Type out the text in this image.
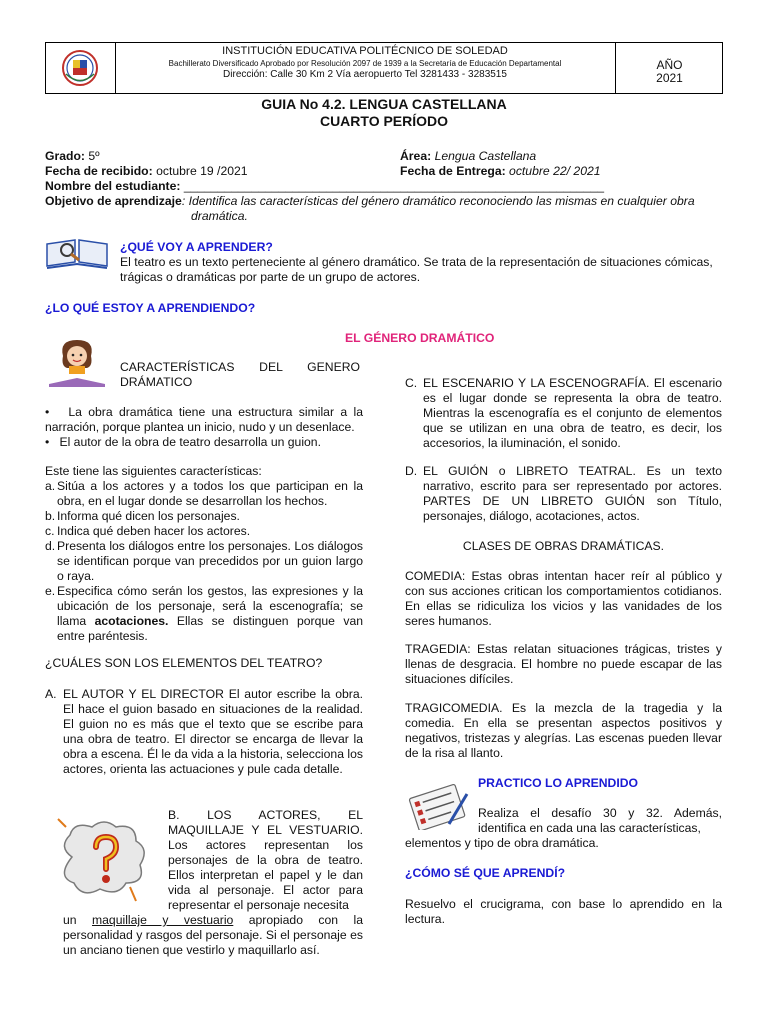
INSTITUCIÓN EDUCATIVA POLITÉCNICO DE SOLEDAD
Bachillerato Diversificado Aprobado por Resolución 2097 de 1939 a la Secretaría de Educación Departamental
Dirección: Calle 30 Km 2 Vía aeropuerto Tel 3281433 - 3283515
AÑO
2021
GUIA No 4.2. LENGUA CASTELLANA
CUARTO PERÍODO
Grado: 5º	Área: Lengua Castellana
Fecha de recibido: octubre 19 /2021	Fecha de Entrega: octubre 22/ 2021
Nombre del estudiante: ______________________________________________________________
Objetivo de aprendizaje: Identifica las características del género dramático reconociendo las mismas en cualquier obra
dramática.
¿QUÉ VOY A APRENDER?
El teatro es un texto perteneciente al género dramático. Se trata de la representación de situaciones cómicas,
trágicas o dramáticas por parte de un grupo de actores.
¿LO QUÉ ESTOY A APRENDIENDO?
EL GÉNERO DRAMÁTICO
CARACTERÍSTICAS DEL GENERO DRÁMATICO

•   La obra dramática tiene una estructura similar a la narración, porque plantea un inicio, nudo y un desenlace.

•   El autor de la obra de teatro desarrolla un guion.

Este tiene las siguientes características:
a. Sitúa a los actores y a todos los que participan en la obra, en el lugar donde se desarrollan los hechos.
b. Informa qué dicen los personajes.
c. Indica qué deben hacer los actores.
d. Presenta los diálogos entre los personajes. Los diálogos se identifican porque van precedidos por un guion largo o raya.
e. Especifica cómo serán los gestos, las expresiones y la ubicación de los personaje, será la escenografía; se llama acotaciones. Ellas se distinguen porque van entre paréntesis.
¿CUÁLES SON LOS ELEMENTOS DEL TEATRO?
A. EL AUTOR Y EL DIRECTOR El autor escribe la obra. El hace el guion basado en situaciones de la realidad. El guion no es más que el texto que se escribe para una obra de teatro. El director se encarga de llevar la obra a escena. Él le da vida a la historia, selecciona los actores, orienta las actuaciones y pule cada detalle.
B. LOS ACTORES, EL MAQUILLAJE Y EL VESTUARIO. Los actores representan los personajes de la obra de teatro. Ellos interpretan el papel y le dan vida al personaje. El actor para representar el personaje necesita
un maquillaje y vestuario apropiado con la personalidad y rasgos del personaje. Si el personaje es un anciano tienen que vestirlo y maquillarlo así.
C. EL ESCENARIO Y LA ESCENOGRAFÍA. El escenario es el lugar donde se representa la obra de teatro. Mientras la escenografía es el conjunto de elementos que se utilizan en una obra de teatro, es decir, los accesorios, la iluminación, el sonido.
D. EL GUIÓN o LIBRETO TEATRAL. Es un texto narrativo, escrito para ser representado por actores. PARTES DE UN LIBRETO GUIÓN son Título, personajes, diálogo, acotaciones, actos.
CLASES DE OBRAS DRAMÁTICAS.
COMEDIA: Estas obras intentan hacer reír al público y con sus acciones critican los comportamientos cotidianos. En ellas se ridiculiza los vicios y las vanidades de los seres humanos.
TRAGEDIA: Estas relatan situaciones trágicas, tristes y llenas de desgracia. El hombre no puede escapar de las situaciones difíciles.
TRAGICOMEDIA. Es la mezcla de la tragedia y la comedia. En ella se presentan aspectos positivos y negativos, tristezas y alegrías. Las escenas pueden llevar de la risa al llanto.
PRACTICO LO APRENDIDO
Realiza el desafío 30 y 32. Además, identifica en cada una las características,
elementos y tipo de obra dramática.
¿CÓMO SÉ QUE APRENDÍ?
Resuelvo el crucigrama, con base lo aprendido en la lectura.
